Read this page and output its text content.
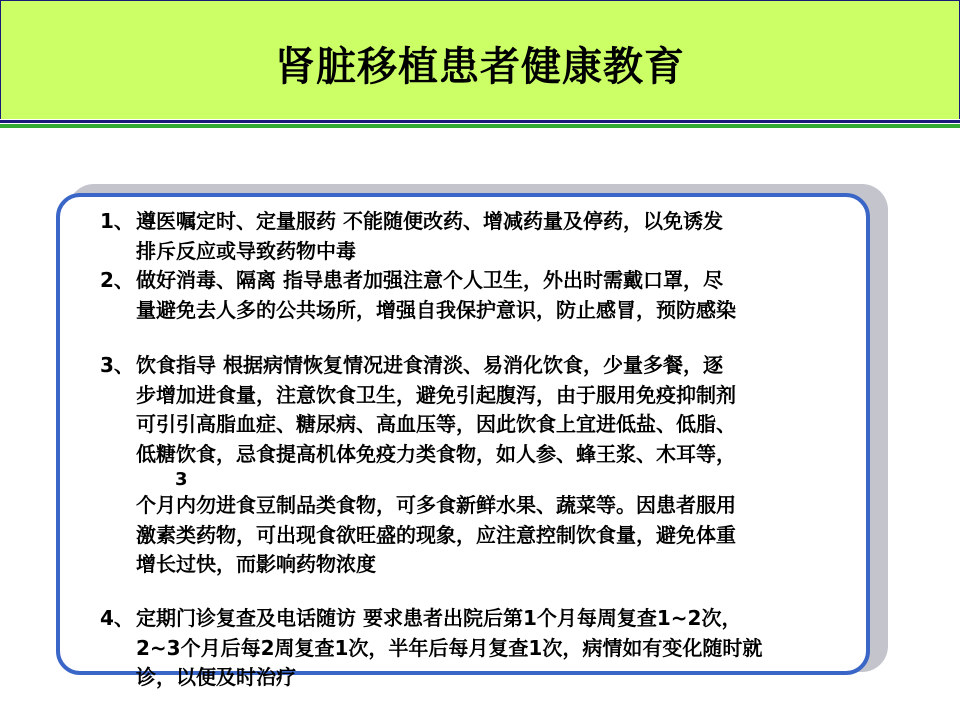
肾脏移植患者健康教育
1、 遵医嘱定时、定量服药 不能随便改药、增减药量及停药，以免诱发
排斥反应或导致药物中毒
2、 做好消毒、隔离 指导患者加强注意个人卫生，外出时需戴口罩，尽
量避免去人多的公共场所，增强自我保护意识，防止感冒，预防感染
3、 饮食指导 根据病情恢复情况进食清淡、易消化饮食，少量多餐，逐
步增加进食量，注意饮食卫生，避免引起腹泻，由于服用免疫抑制剂
可引引高脂血症、糖尿病、高血压等，因此饮食上宜进低盐、低脂、
低糖饮食，忌食提高机体免疫力类食物，如人参、蜂王浆、木耳等，
3
个月内勿进食豆制品类食物，可多食新鲜水果、蔬菜等。因患者服用
激素类药物，可出现食欲旺盛的现象，应注意控制饮食量，避免体重
增长过快，而影响药物浓度
4、 定期门诊复查及电话随访 要求患者出院后第1个月每周复查1~2次，
2~3个月后每2周复查1次，半年后每月复查1次，病情如有变化随时就
诊，以便及时治疗
